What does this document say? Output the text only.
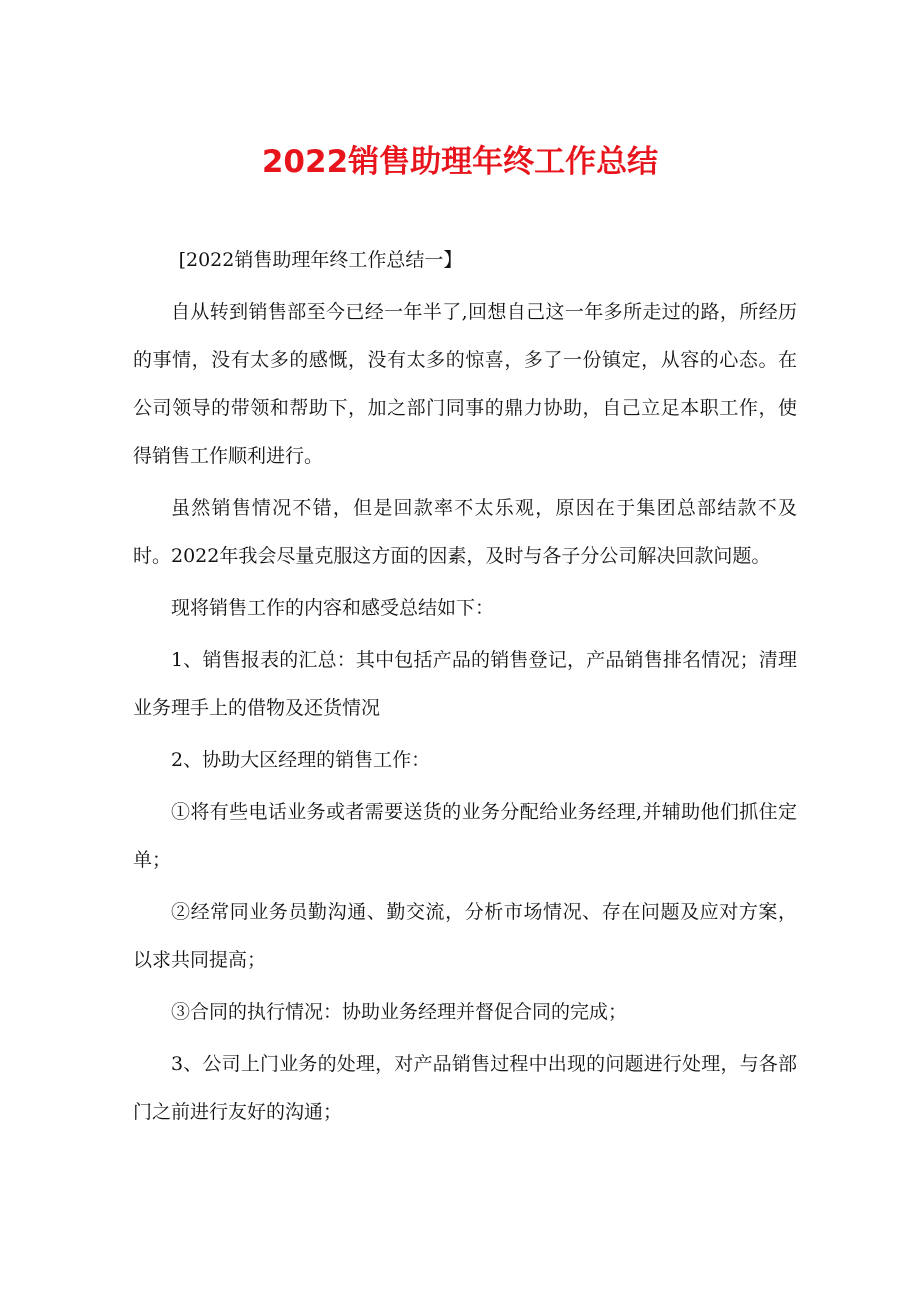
2022销售助理年终工作总结

[2022销售助理年终工作总结一】

自从转到销售部至今已经一年半了,回想自己这一年多所走过的路，所经历的事情，没有太多的感慨，没有太多的惊喜，多了一份镇定，从容的心态。在公司领导的带领和帮助下，加之部门同事的鼎力协助，自己立足本职工作，使得销售工作顺利进行。

虽然销售情况不错，但是回款率不太乐观，原因在于集团总部结款不及时。2022年我会尽量克服这方面的因素，及时与各子分公司解决回款问题。

现将销售工作的内容和感受总结如下：

1、销售报表的汇总：其中包括产品的销售登记，产品销售排名情况；清理业务理手上的借物及还货情况

2、协助大区经理的销售工作：

①将有些电话业务或者需要送货的业务分配给业务经理,并辅助他们抓住定单；

②经常同业务员勤沟通、勤交流，分析市场情况、存在问题及应对方案，以求共同提高；

③合同的执行情况：协助业务经理并督促合同的完成；

3、公司上门业务的处理，对产品销售过程中出现的问题进行处理，与各部门之前进行友好的沟通；
